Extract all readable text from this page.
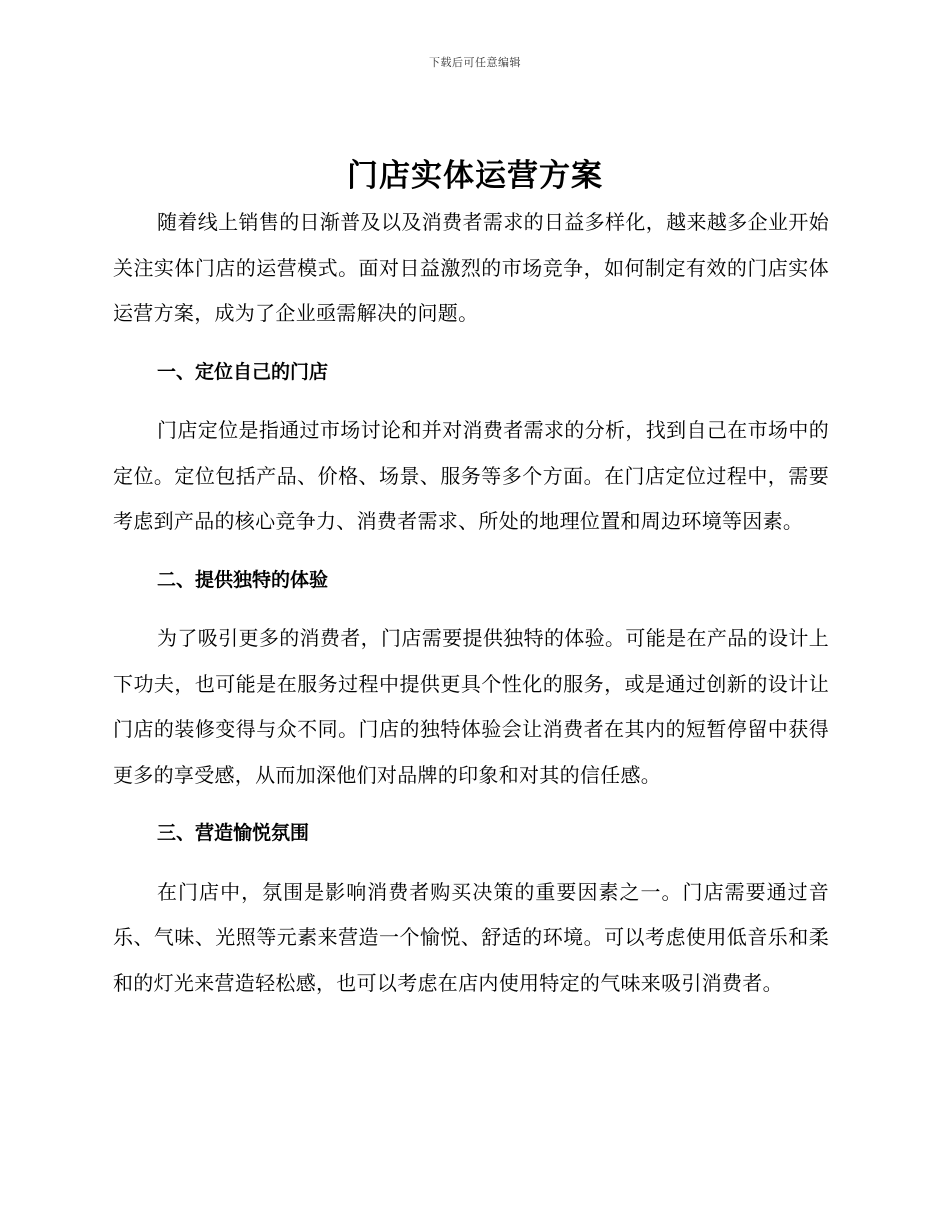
下载后可任意编辑
门店实体运营方案

随着线上销售的日渐普及以及消费者需求的日益多样化，越来越多企业开始关注实体门店的运营模式。面对日益激烈的市场竞争，如何制定有效的门店实体运营方案，成为了企业亟需解决的问题。

一、定位自己的门店

门店定位是指通过市场讨论和并对消费者需求的分析，找到自己在市场中的定位。定位包括产品、价格、场景、服务等多个方面。在门店定位过程中，需要考虑到产品的核心竞争力、消费者需求、所处的地理位置和周边环境等因素。

二、提供独特的体验

为了吸引更多的消费者，门店需要提供独特的体验。可能是在产品的设计上下功夫，也可能是在服务过程中提供更具个性化的服务，或是通过创新的设计让门店的装修变得与众不同。门店的独特体验会让消费者在其内的短暂停留中获得更多的享受感，从而加深他们对品牌的印象和对其的信任感。

三、营造愉悦氛围

在门店中，氛围是影响消费者购买决策的重要因素之一。门店需要通过音乐、气味、光照等元素来营造一个愉悦、舒适的环境。可以考虑使用低音乐和柔和的灯光来营造轻松感，也可以考虑在店内使用特定的气味来吸引消费者。
